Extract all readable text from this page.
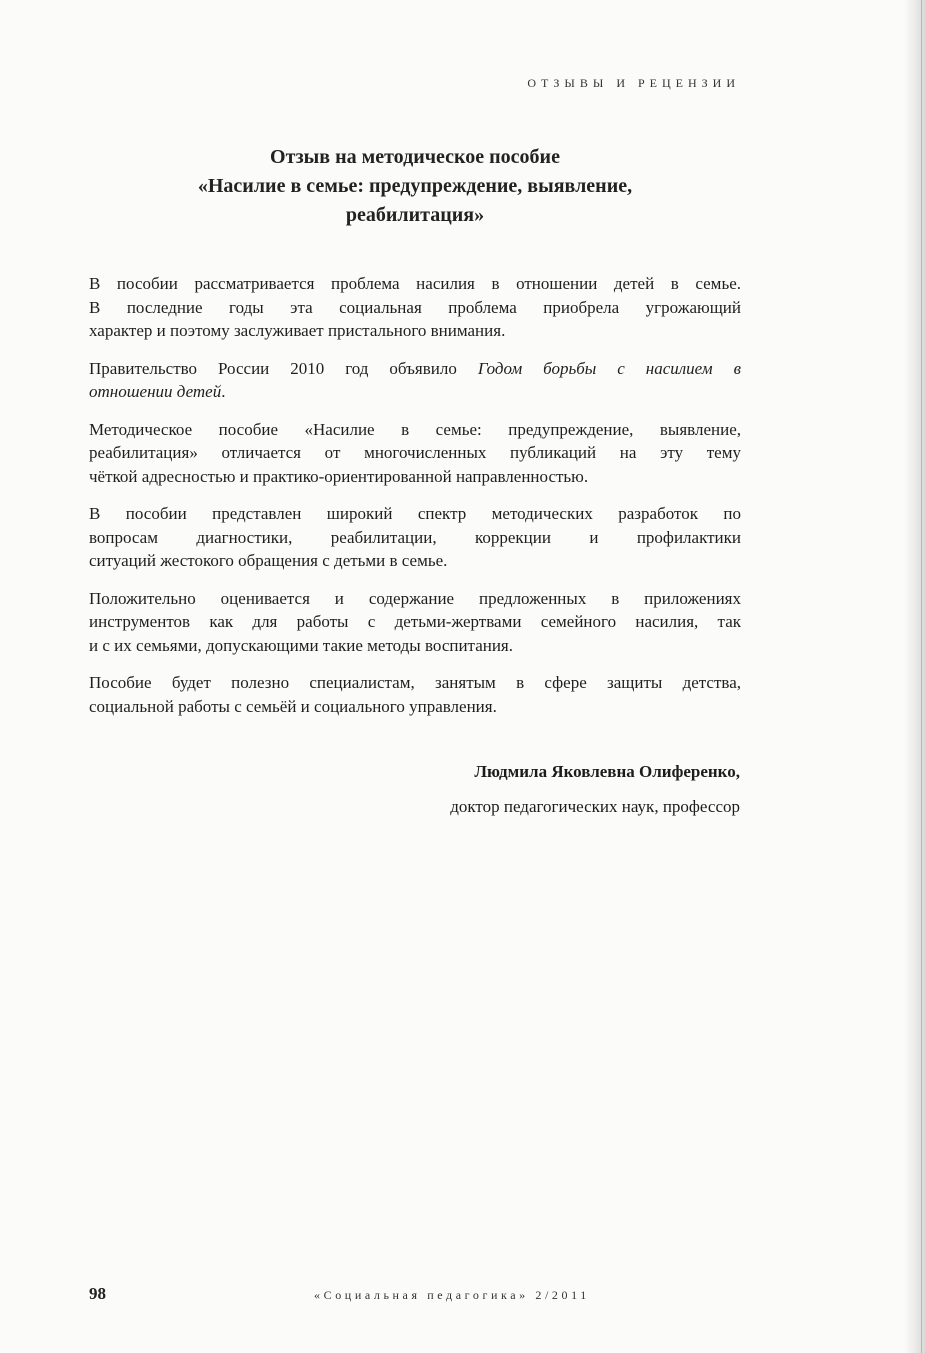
ОТЗЫВЫ И РЕЦЕНЗИИ
Отзыв на методическое пособие
«Насилие в семье: предупреждение, выявление,
реабилитация»

В пособии рассматривается проблема насилия в отношении детей в семье.
В последние годы эта социальная проблема приобрела угрожающий
характер и поэтому заслуживает пристального внимания.

Правительство России 2010 год объявило Годом борьбы с насилием в
отношении детей.

Методическое пособие «Насилие в семье: предупреждение, выявление,
реабилитация» отличается от многочисленных публикаций на эту тему
чёткой адресностью и практико-ориентированной направленностью.

В пособии представлен широкий спектр методических разработок по
вопросам диагностики, реабилитации, коррекции и профилактики
ситуаций жестокого обращения с детьми в семье.

Положительно оценивается и содержание предложенных в приложениях
инструментов как для работы с детьми-жертвами семейного насилия, так
и с их семьями, допускающими такие методы воспитания.

Пособие будет полезно специалистам, занятым в сфере защиты детства,
социальной работы с семьёй и социального управления.

Людмила Яковлевна Олиференко,
доктор педагогических наук, профессор
98	«Социальная педагогика» 2/2011
